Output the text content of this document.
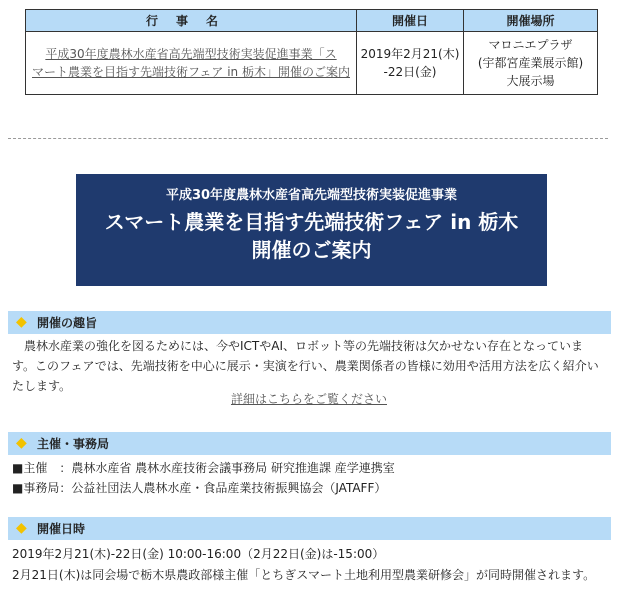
行事名	開催日	開催場所
平成30年度農林水産省高先端型技術実装促進事業「ス
マート農業を目指す先端技術フェア in 栃木」開催のご案内	2019年2月21(木)
-22日(金)	マロニエプラザ
(宇都宮産業展示館)
大展示場
平成30年度農林水産省高先端型技術実装促進事業
スマート農業を目指す先端技術フェア in 栃木
開催のご案内
◆ 開催の趣旨
農林水産業の強化を図るためには、今やICTやAI、ロボット等の先端技術は欠かせない存在となっています。このフェアでは、先端技術を中心に展示・実演を行い、農業関係者の皆様に効用や活用方法を広く紹介いたします。
詳細はこちらをご覧ください
◆ 主催・事務局
■主催　：農林水産省 農林水産技術会議事務局 研究推進課 産学連携室
■事務局：公益社団法人農林水産・食品産業技術振興協会（JATAFF）
◆ 開催日時
2019年2月21(木)-22日(金) 10:00-16:00（2月22日(金)は-15:00）
2月21日(木)は同会場で栃木県農政部様主催「とちぎスマート土地利用型農業研修会」が同時開催されます。
